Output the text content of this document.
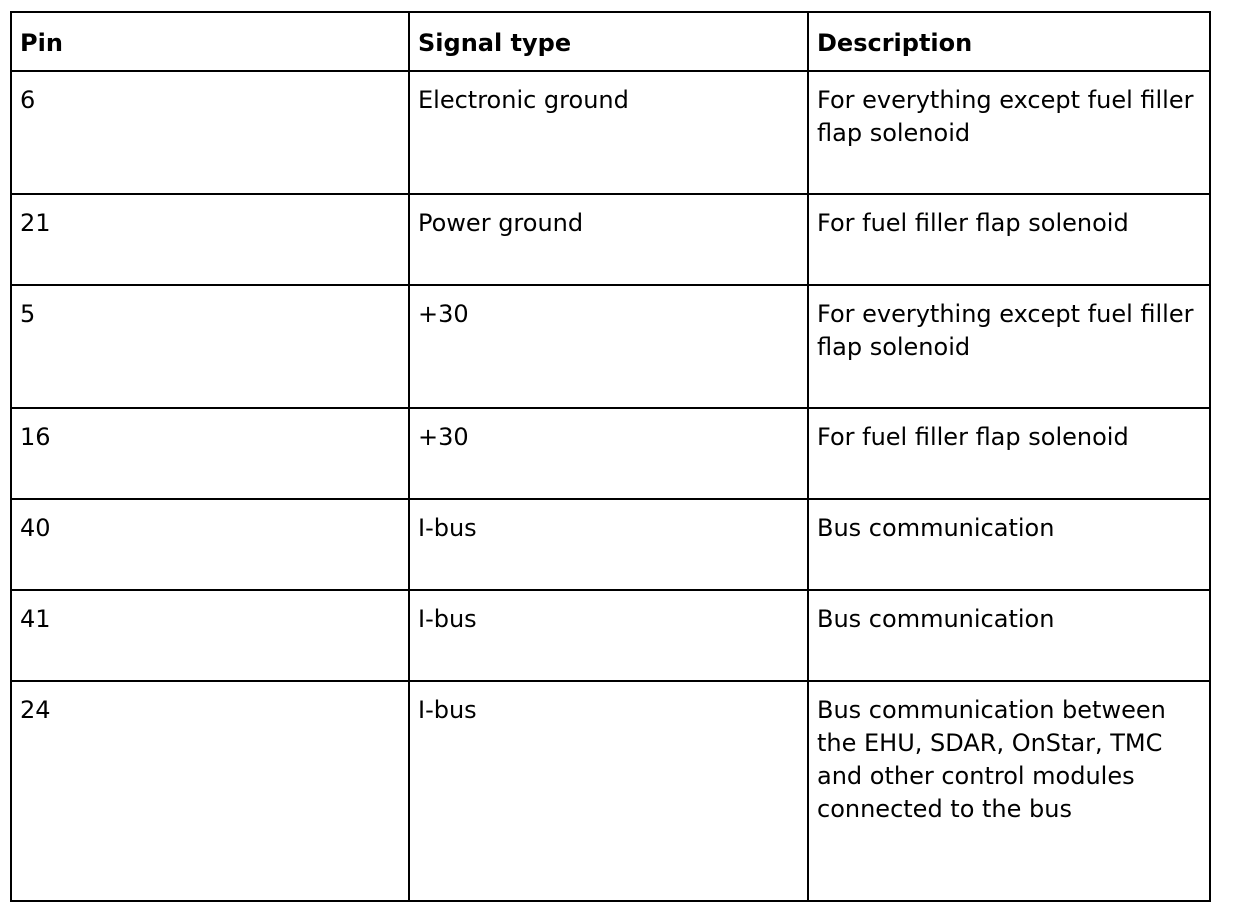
Pin	Signal type	Description
6	Electronic ground	For everything except fuel filler flap solenoid
21	Power ground	For fuel filler flap solenoid
5	+30	For everything except fuel filler flap solenoid
16	+30	For fuel filler flap solenoid
40	I-bus	Bus communication
41	I-bus	Bus communication
24	I-bus	Bus communication between the EHU, SDAR, OnStar, TMC and other control modules connected to the bus
